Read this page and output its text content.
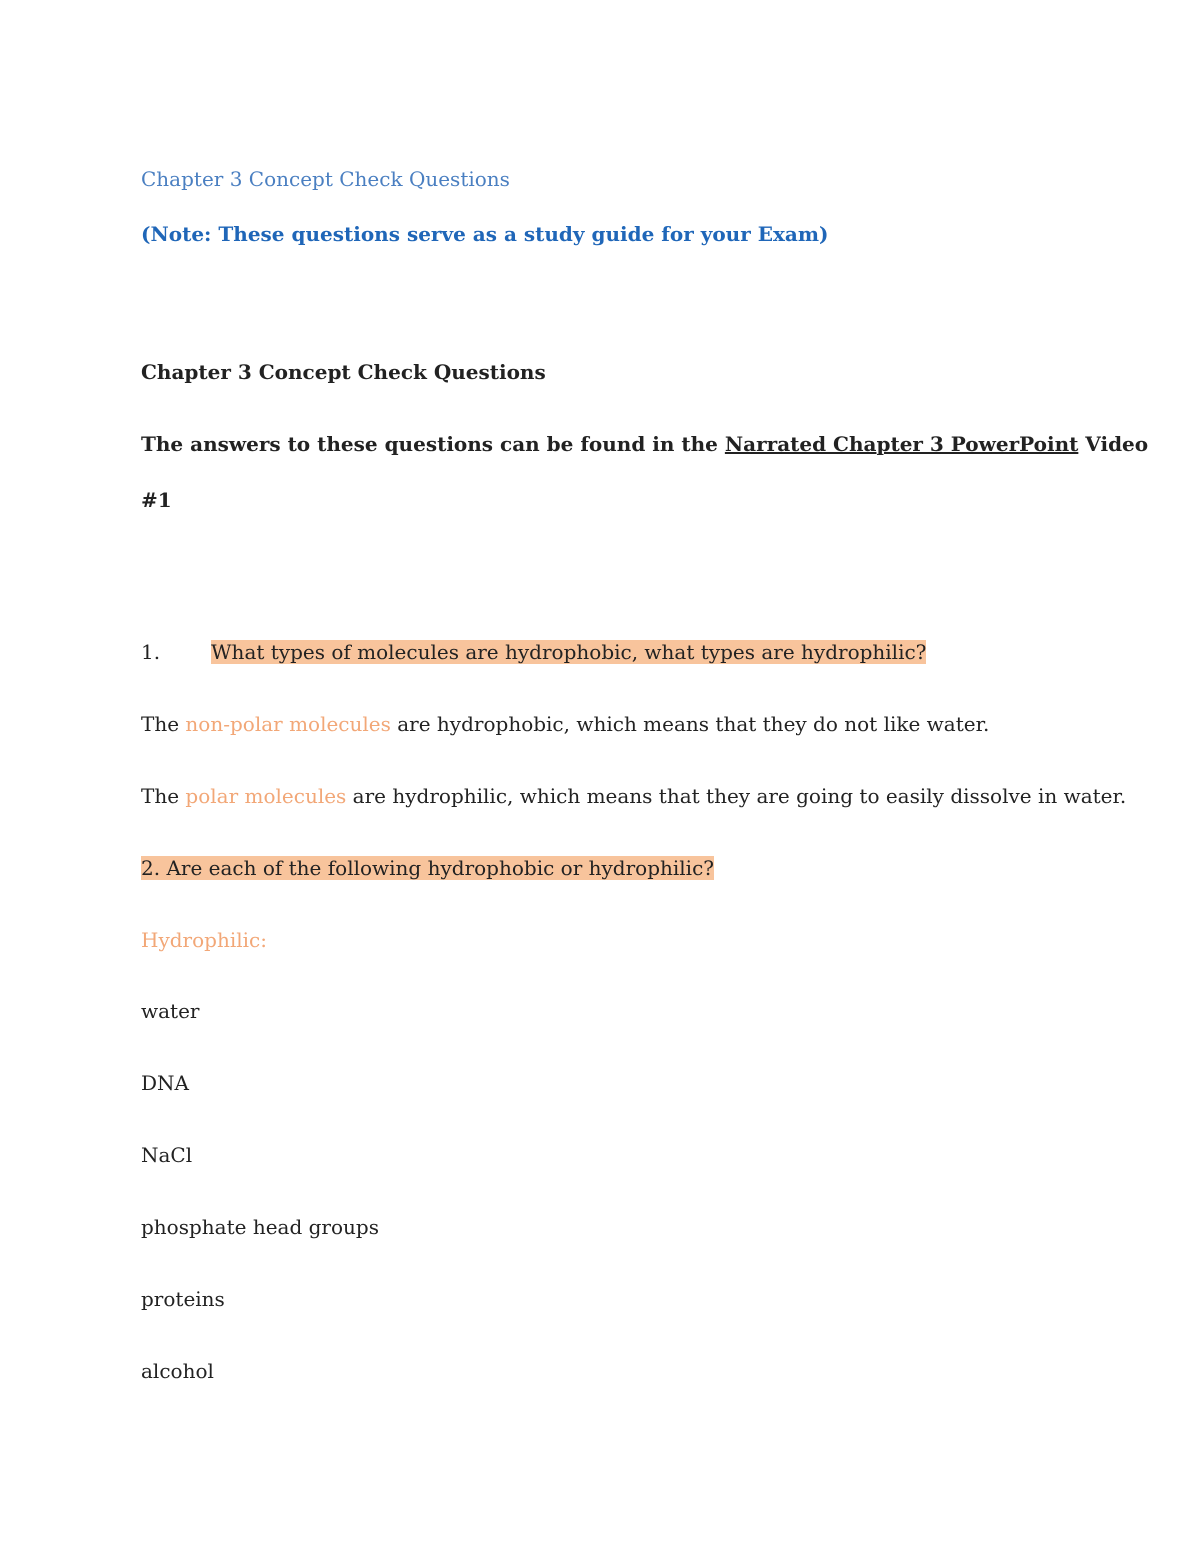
Chapter 3 Concept Check Questions
(Note: These questions serve as a study guide for your Exam)
Chapter 3 Concept Check Questions
The answers to these questions can be found in the Narrated Chapter 3 PowerPoint Video
#1
1.	What types of molecules are hydrophobic, what types are hydrophilic?
The non-polar molecules are hydrophobic, which means that they do not like water.
The polar molecules are hydrophilic, which means that they are going to easily dissolve in water.
2. Are each of the following hydrophobic or hydrophilic?
Hydrophilic:
water
DNA
NaCl
phosphate head groups
proteins
alcohol
